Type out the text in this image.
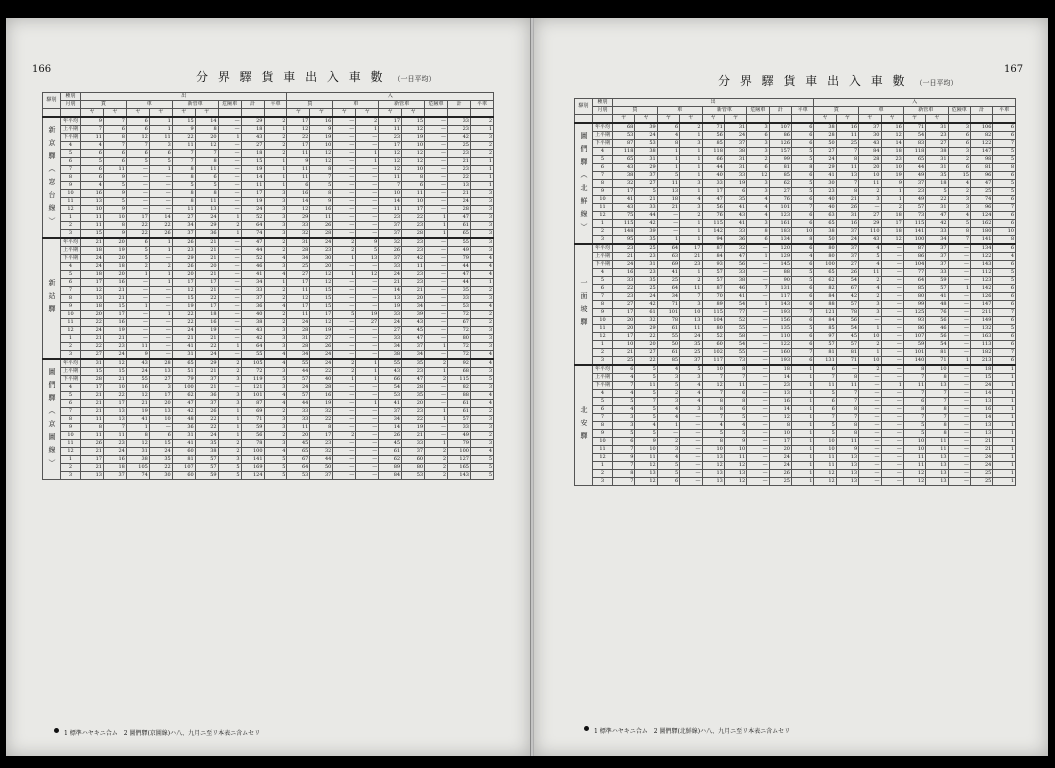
166
分 界 驛 貨 車 出 入 車 數 （一日平均）
驛別	種別	出									入								
	月別	貨		車		新管車		危險車	計	平車	貨		車		新管車		危險車	計	平車
		ヤ	ヤ	ヤ	ヤ	ヤ	ヤ				ヤ	ヤ	ヤ	ヤ	ヤ	ヤ			
新京驛（窓台線）	年平均	9	7	6	1	15	14	—	29	2	17	16	—	2	17	15	—	33	2
	上平期	7	6	6	1	9	8	—	18	1	12	9	—	1	11	12	—	23	1
	下平期	11	8	12	11	22	20	1	43	2	22	19	—	—	23	19	—	42	3
	4	4	7	7	3	11	12	—	27	2	17	10	—	—	17	10	—	25	2
	5	6	6	6	6	7	7	—	18	2	11	12	—	1	12	12	—	23	2
	6	5	6	5	5	7	8	—	15	1	9	12	—	1	12	12	—	21	1
	7	6	11	—	1	8	11	—	19	1	11	8	—	—	12	10	—	23	1
	8	6	9	—	—	8	6	—	14	1	11	7	—	—	11	8	—	22	1
	9	4	5	—	—	5	5	—	11	1	6	5	—	—	7	6	—	13	1
	10	16	9	—	—	8	8	—	17	3	16	8	—	—	10	11	—	21	3
	11	13	5	—	—	8	11	—	19	3	14	9	—	—	14	10	—	24	3
	12	10	9	—	—	11	13	—	24	3	12	16	—	—	11	17	—	28	3
	1	11	10	17	14	27	24	1	52	3	29	11	—	—	23	22	1	47	3
	2	11	8	22	22	34	29	2	64	3	33	26	—	—	37	23	1	61	3
	3	15	9	22	26	37	36	1	74	3	32	28	—	—	37	28	1	65	3
新站驛	年平均	21	20	6	1	26	21	—	47	2	31	24	2	9	32	23	—	55	3
	上平期	18	19	5	1	23	21	—	44	2	28	23	2	5	26	23	—	49	3
	下平期	24	20	5	—	29	21	—	52	4	34	30	1	13	37	42	—	79	4
	4	24	18	2	2	26	20	—	46	3	25	20	—	—	33	11	—	44	4
	5	18	20	1	1	20	21	—	41	4	27	12	1	12	24	23	—	47	4
	6	17	16	—	1	17	17	—	34	1	17	12	—	—	21	23	—	44	1
	7	12	21	—	—	12	21	—	33	2	11	15	—	—	14	21	—	35	2
	8	13	21	—	—	15	22	—	37	2	12	15	—	—	13	20	—	33	3
	9	18	15	1	—	19	17	—	36	4	17	15	—	—	19	34	—	53	4
	10	20	17	—	1	22	18	—	40	2	11	17	5	19	33	39	—	72	2
	11	22	16	—	—	22	16	—	38	2	24	12	—	27	24	43	—	67	2
	12	24	19	—	—	24	19	—	43	3	28	19	—	—	27	45	—	72	3
	1	21	21	—	—	21	21	—	42	3	31	27	—	—	33	47	—	80	3
	2	22	23	11	—	41	22	1	64	3	28	26	—	—	34	37	1	72	3
	3	27	24	9	—	31	24	—	55	4	34	24	—	—	38	34	—	72	4
圖們驛（京圖線）	年平均	31	12	43	28	65	29	2	105	4	55	24	2	1	55	35	2	92	4
	上平期	15	15	24	13	51	21	2	72	3	44	22	2	1	43	23	1	68	3
	下平期	28	21	55	27	79	37	3	119	5	57	40	1	1	66	47	2	115	5
	4	17	10	16	3	100	21	—	121	3	24	28	—	—	54	28	—	82	3
	5	21	22	12	17	62	36	3	101	4	57	16	—	—	53	35	—	88	4
	6	21	17	21	20	47	37	3	87	4	44	19	—	1	41	20	—	61	4
	7	21	13	19	13	42	26	1	69	2	33	32	—	—	37	23	1	61	2
	8	11	13	41	10	48	22	1	71	3	33	22	—	—	34	22	1	57	3
	9	8	7	1	—	36	22	1	59	3	11	8	—	—	14	19	—	33	3
	10	11	11	8	6	31	24	1	56	2	20	17	2	—	26	21	—	49	2
	11	26	23	12	15	41	35	2	78	3	45	23	—	—	45	33	1	79	3
	12	21	24	31	24	60	38	2	100	4	65	32	—	—	61	37	2	100	4
	1	17	16	38	35	81	57	3	141	5	67	44	—	—	62	60	2	127	5
	2	21	18	105	22	107	57	5	169	5	64	50	—	—	89	80	2	165	5
	3	13	37	74	30	60	59	5	124	5	53	37	—	—	84	53	2	143	5
1 標準ハヤキニ合ム　2 圖們驛(京圖線)ハ八、九月ニ至リ本表ニ含ムセリ
167
分 界 驛 貨 車 出 入 車 數 （一日平均）
驛別	種別	出									入								
	月別	貨		車		新管車		危險車	計	平車	貨		車		新管車		危險車	計	平車
		ヤ	ヤ	ヤ	ヤ	ヤ	ヤ				ヤ	ヤ	ヤ	ヤ	ヤ	ヤ			
圖們驛（北鮮線）	年平均	68	39	6	2	71	31	3	107	6	38	16	37	16	71	31	3	106	6
	上平期	53	24	4	1	56	24	6	86	6	28	11	30	12	54	23	6	82	6
	下平期	87	53	8	3	85	37	3	126	6	50	25	43	14	83	27	6	122	7
	4	118	38	1	1	118	38	3	157	5	27	7	84	18	118	38	3	147	5
	5	65	31	1	1	66	31	2	99	5	24	8	28	23	65	31	2	98	5
	6	43	29	1	1	44	31	6	81	8	29	11	20	10	44	31	6	81	8
	7	38	37	5	1	40	33	12	85	6	41	13	10	19	49	35	15	96	6
	8	32	27	11	3	33	19	3	62	5	30	7	11	9	37	18	4	47	5
	9	17	5	13	1	17	6	3	27	5	23	8	2	1	23	5	2	25	5
	10	41	21	18	4	47	35	4	76	6	40	21	3	1	49	22	3	74	6
	11	43	33	21	3	56	41	4	101	7	40	26	—	2	57	31	3	96	7
	12	75	44	—	2	76	43	4	123	6	63	31	27	18	73	47	4	124	6
	1	115	42	—	1	115	41	3	161	6	65	16	29	17	115	42	5	162	6
	2	148	39	—	1	142	33	8	183	10	38	37	110	18	141	33	8	180	10
	3	95	35	1	1	94	36	6	134	8	50	24	43	12	100	34	7	141	8
一面坡驛	年平均	23	25	64	17	87	32	—	120	6	80	37	4	—	87	37	—	134	6
	上平期	21	23	63	21	84	47	1	129	4	80	37	5	—	86	37	—	122	4
	下平期	24	31	69	23	93	56	—	145	6	100	27	4	—	104	37	—	143	6
	4	16	23	41	1	57	33	—	88	5	65	26	11	—	77	33	—	112	5
	5	33	35	25	2	57	38	—	90	5	62	54	2	—	64	59	—	123	5
	6	22	25	64	11	87	46	7	131	6	82	67	4	—	85	57	1	142	6
	7	23	24	34	7	70	41	—	117	6	84	42	2	—	80	41	—	126	6
	8	27	42	71	3	89	54	1	143	6	88	57	3	—	99	48	—	147	6
	9	17	61	101	10	115	77	—	193	7	121	78	3	—	125	76	—	211	7
	10	20	32	78	13	104	52	—	156	6	84	56	—	—	93	56	—	149	6
	11	20	29	61	11	80	55	—	135	5	85	54	1	—	86	46	—	132	5
	12	17	22	55	24	52	58	—	110	6	97	45	10	—	107	56	—	163	6
	1	10	20	50	35	60	54	—	122	6	57	57	2	—	59	54	—	113	6
	2	21	27	61	25	102	55	—	160	7	81	81	1	—	101	81	—	182	7
	3	25	22	85	37	117	73	—	193	6	131	71	10	—	140	71	1	213	6
北安驛	年平均	6	5	4	5	10	8	—	18	1	6	—	2	—	8	10	—	18	1
	上平期	4	5	3	3	7	7	—	14	1	7	8	—	—	7	8	—	15	1
	下平期	7	11	5	4	12	11	—	23	1	11	11	—	1	11	13	—	24	1
	4	4	5	2	4	7	6	—	13	1	5	7	—	—	7	7	—	14	1
	5	5	7	3	4	8	8	—	16	1	6	7	—	—	6	7	—	13	1
	6	4	5	4	3	8	6	—	14	1	6	8	—	—	8	8	—	16	1
	7	3	5	4	—	7	5	—	12	1	7	7	—	—	7	7	—	14	1
	8	3	4	1	—	4	4	—	8	1	5	8	—	—	5	8	—	13	1
	9	5	5	—	—	5	5	—	10	1	5	8	—	—	5	8	—	13	1
	10	6	9	2	—	8	9	—	17	1	10	11	—	—	10	11	—	21	1
	11	7	10	3	—	10	10	—	20	1	10	9	—	—	10	11	—	21	1
	12	9	11	4	—	13	11	—	24	1	11	13	—	—	11	13	—	24	1
	1	7	12	5	—	12	12	—	24	1	11	13	—	—	11	13	—	24	1
	2	8	13	5	—	13	13	—	26	1	12	13	—	—	12	13	—	25	1
	3	7	12	6	—	13	12	—	25	1	12	13	—	—	12	13	—	25	1
1 標準ハヤキニ合ム　2 圖們驛(北鮮線)ハ八、九月ニ至リ本表ニ含ムセリ
